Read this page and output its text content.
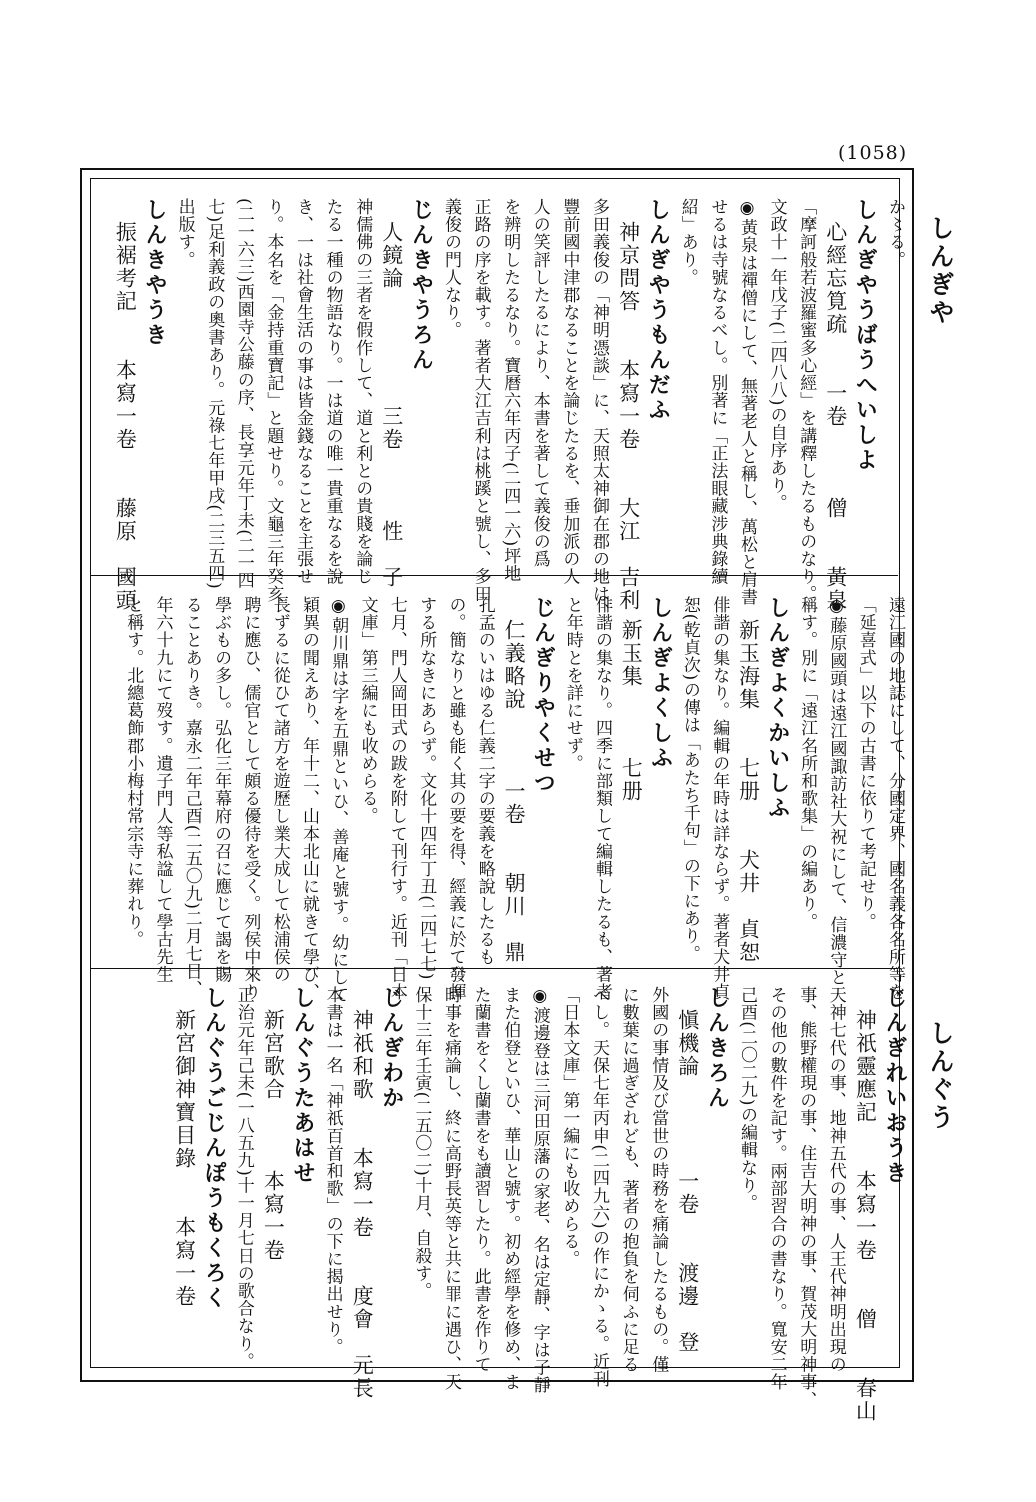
(1058)
しんぎや
しんぐう
か〻る。
しんぎやうばうへいしよ
　心經忘筧疏　　一卷　　　僧　　黃泉
「摩訶般若波羅蜜多心經」を講釋したるものなり。
文政十一年戊子(二四八八)の自序あり。
◉黃泉は禪僧にして、無著老人と稱し、萬松と肩書
せるは寺號なるべし。別著に「正法眼藏涉典錄續
紹」あり。
しんぎやうもんだふ
　神京問答　　本寫一卷　　大江　吉利
多田義俊の「神明憑談」に、天照太神御在郡の地は、
豐前國中津郡なることを論じたるを、垂加派の人
人の笑評したるにより、本書を著して義俊の爲
を辨明したるなり。寶曆六年丙子(二四一六)坪地
正路の序を載す。著者大江吉利は桃蹊と號し、多田
義俊の門人なり。
じんきやうろん
　人鏡論　　　　　三卷　　　性　子
神儒佛の三者を假作して、道と利との貴賤を論じ
たる一種の物語なり。一は道の唯一貴重なるを說
き、一は社會生活の事は皆金錢なることを主張せ
り。本名を「金持重寶記」と題せり。文龜三年癸亥
(二一六三)西園寺公藤の序、長享元年丁未(二一四
七)足利義政の奧書あり。元祿七年甲戌(二三五四)
出版す。
しんきやうき
　振裾考記　　本寫一卷　　藤原　國頭
遠江國の地誌にして、分國定界、國名義各名所等を
「延喜式」以下の古書に依りて考記せり。
◉藤原國頭は遠江國諏訪社大祝にして、信濃守と
稱す。別に「遠江名所和歌集」の編あり。
しんぎよくかいしふ
　新玉海集　　七册　　犬井　貞恕
俳諧の集なり。編輯の年時は詳ならず。著者犬井貞
恕(乾貞次)の傳は「あたち千句」の下にあり。
しんぎよくしふ
　新玉集　　　七册
俳諧の集なり。四季に部類して編輯したるも、著者
と年時とを詳にせず。
じんぎりやくせつ
　仁義略說　　　一卷　　朝川　鼎
孔孟のいはゆる仁義二字の要義を略說したるも
の。簡なりと雖も能く其の要を得、經義に於て發揮
する所なきにあらず。文化十四年丁丑(二四七七)
七月、門人岡田式の跋を附して刊行す。近刊「日本
文庫」第三編にも收めらる。
◉朝川鼎は字を五鼎といひ、善庵と號す。幼にして
穎異の聞えあり、年十二、山本北山に就きて學び、
長ずるに從ひて諸方を遊歷し業大成して松浦侯の
聘に應ひ、儒官として頗る優待を受く。列侯中來り
學ぶもの多し。弘化三年幕府の召に應じて謁を賜
ることありき。嘉永二年己酉(二五〇九)二月七日、
年六十九にて歿す。遺子門人等私諡して學古先生
と稱す。北總葛飾郡小梅村常宗寺に葬れり。
じんぎれいおうき
　神祇靈應記　　本寫一卷　　僧　　春山
天神七代の事、地神五代の事、人王代神明出現の
事、熊野權現の事、住吉大明神の事、賀茂大明神事、
その他の數件を記す。兩部習合の書なり。寬安二年
己酉(二〇二九)の編輯なり。
しんきろん
　愼機論　　　　一卷　　渡邊　登
外國の事情及び當世の時務を痛論したるもの。僅
に數葉に過ぎざれども、著者の抱負を伺ふに足る
べし。天保七年丙申(二四九六)の作にかゝる。近刊
「日本文庫」第一編にも收めらる。
◉渡邊登は三河田原藩の家老、名は定靜、字は子靜
また伯登といひ、華山と號す。初め經學を修め、ま
た蘭書をくし蘭書をも讀習したり。此書を作りて
時事を痛論し、終に高野長英等と共に罪に遇ひ、天
保十三年壬寅(二五〇二)十月、自殺す。
じんぎわか
　神祇和歌　　本寫一卷　　度會　元長
本書は一名「神祇百首和歌」の下に揭出せり。
しんぐうたあはせ
　新宮歌合　　　本寫一卷
正治元年己未(一八五九)十一月七日の歌合なり。
しんぐうごじんぽうもくろく
　新宮御神寶目錄　　本寫一卷
